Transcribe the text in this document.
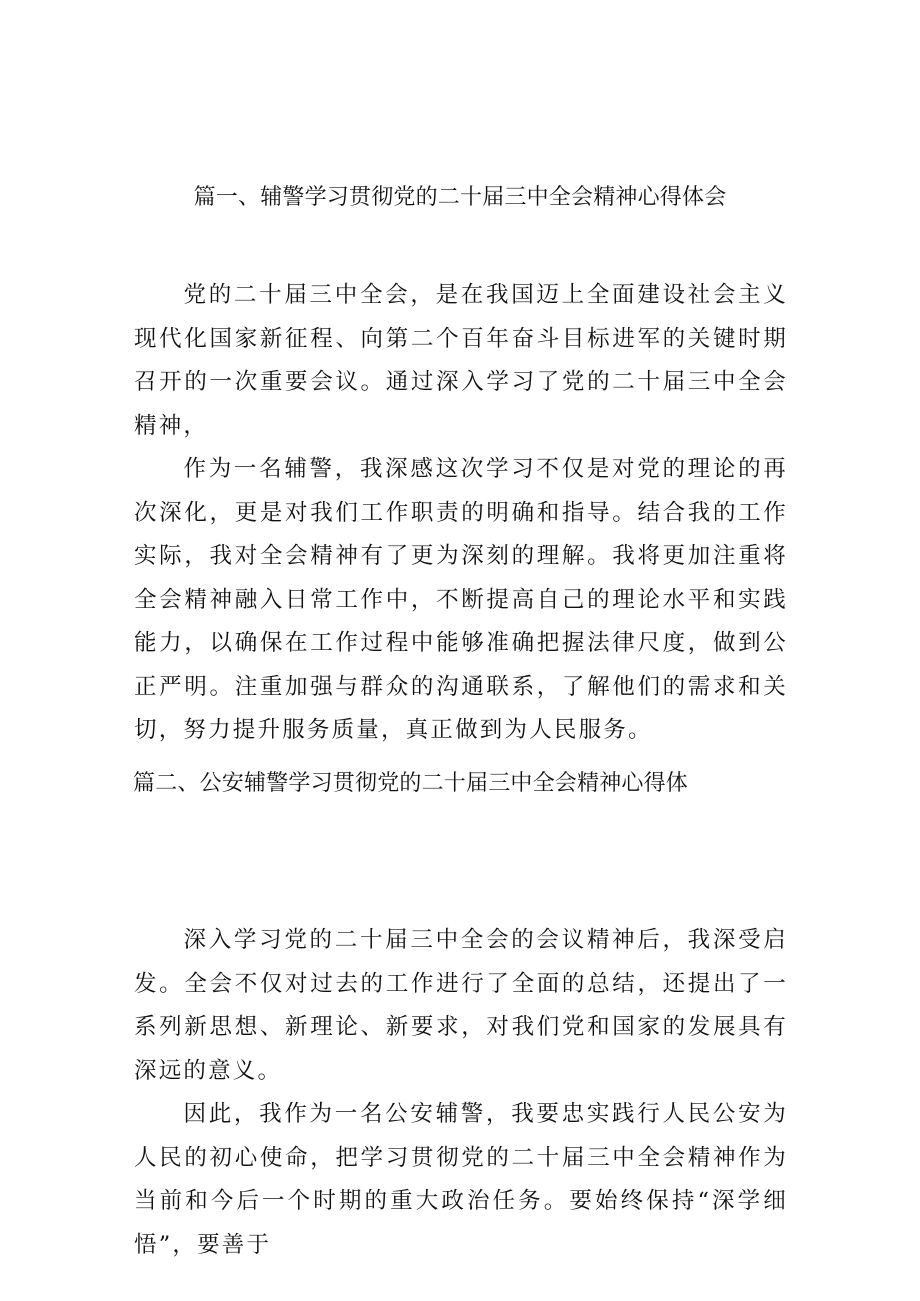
篇一、辅警学习贯彻党的二十届三中全会精神心得体会

党的二十届三中全会，是在我国迈上全面建设社会主义现代化国家新征程、向第二个百年奋斗目标进军的关键时期召开的一次重要会议。通过深入学习了党的二十届三中全会精神，

作为一名辅警，我深感这次学习不仅是对党的理论的再次深化，更是对我们工作职责的明确和指导。结合我的工作实际，我对全会精神有了更为深刻的理解。我将更加注重将全会精神融入日常工作中，不断提高自己的理论水平和实践能力，以确保在工作过程中能够准确把握法律尺度，做到公正严明。注重加强与群众的沟通联系，了解他们的需求和关切，努力提升服务质量，真正做到为人民服务。

篇二、公安辅警学习贯彻党的二十届三中全会精神心得体

深入学习党的二十届三中全会的会议精神后，我深受启发。全会不仅对过去的工作进行了全面的总结，还提出了一系列新思想、新理论、新要求，对我们党和国家的发展具有深远的意义。

因此，我作为一名公安辅警，我要忠实践行人民公安为人民的初心使命，把学习贯彻党的二十届三中全会精神作为当前和今后一个时期的重大政治任务。要始终保持“深学细悟”，要善于
